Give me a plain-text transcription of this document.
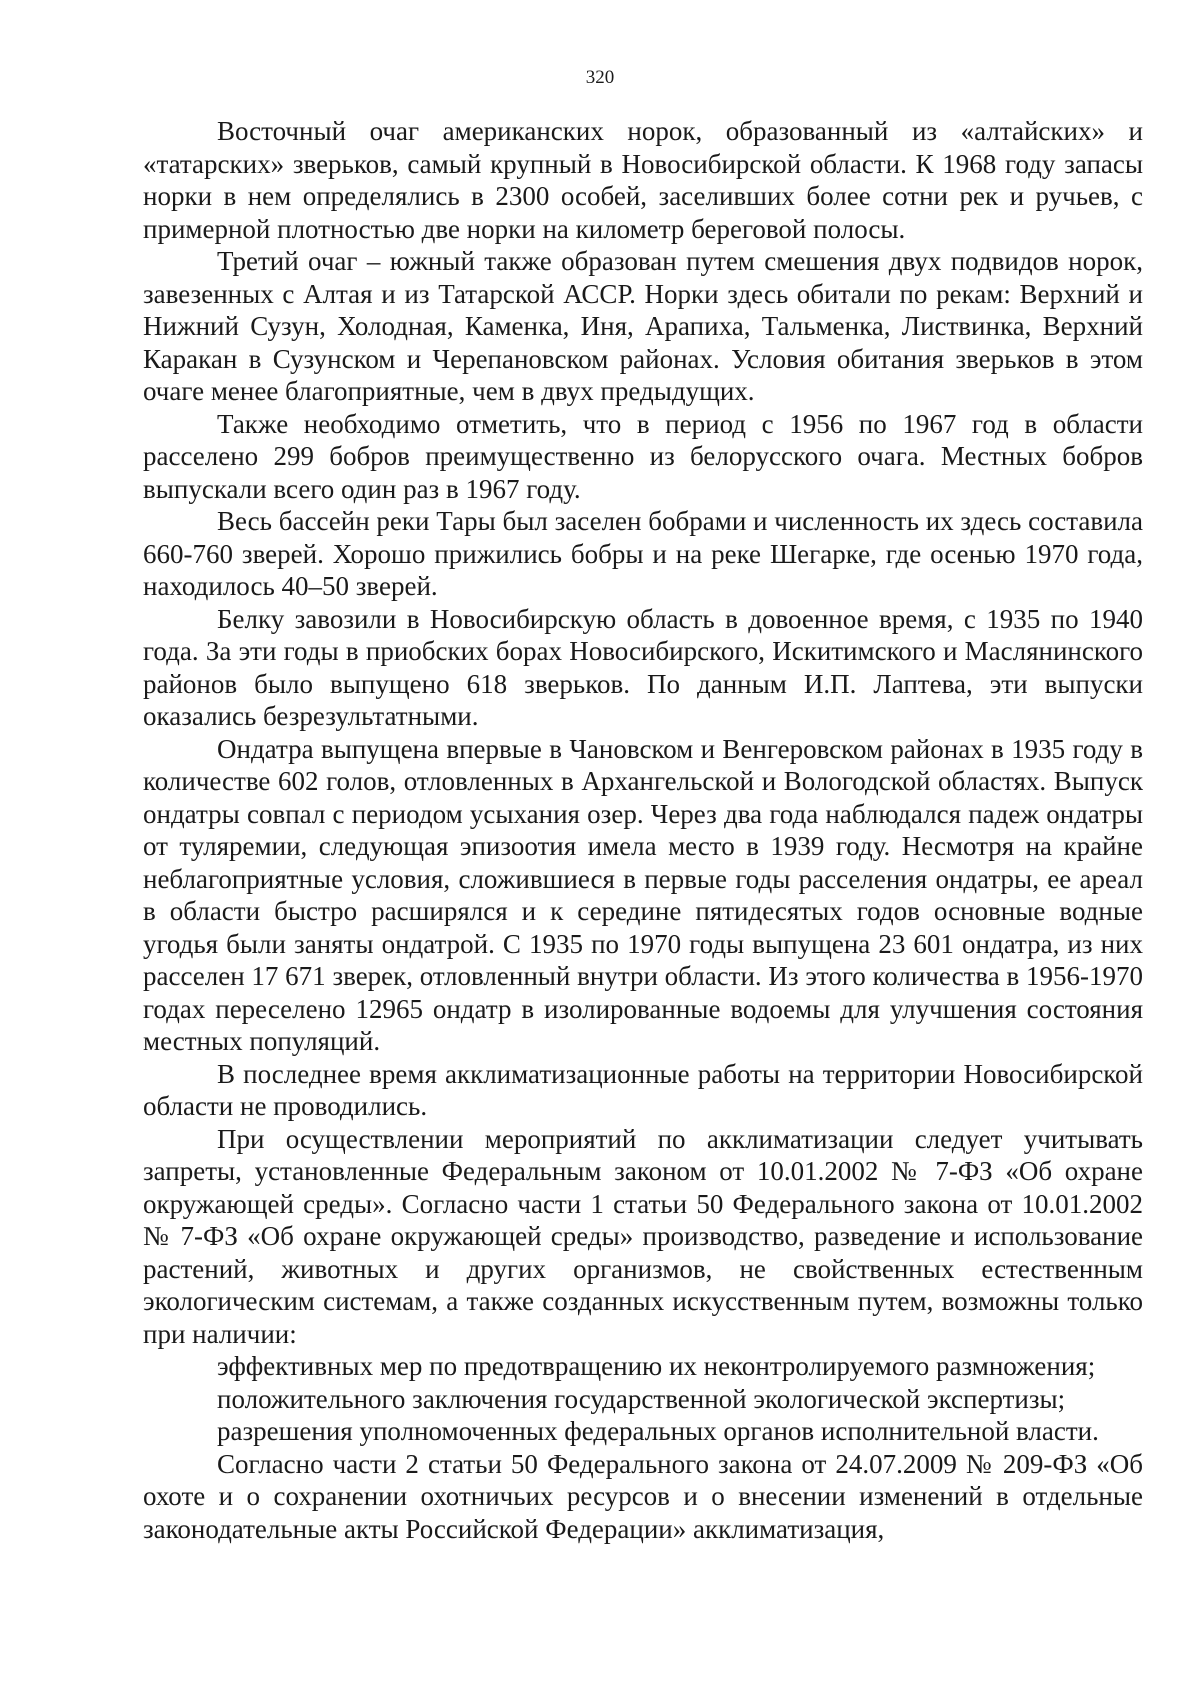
320

Восточный очаг американских норок, образованный из «алтайских» и «татарских» зверьков, самый крупный в Новосибирской области. К 1968 году запасы норки в нем определялись в 2300 особей, заселивших более сотни рек и ручьев, с примерной плотностью две норки на километр береговой полосы.

Третий очаг – южный также образован путем смешения двух подвидов норок, завезенных с Алтая и из Татарской АССР. Норки здесь обитали по рекам: Верхний и Нижний Сузун, Холодная, Каменка, Иня, Арапиха, Тальменка, Листвинка, Верхний Каракан в Сузунском и Черепановском районах. Условия обитания зверьков в этом очаге менее благоприятные, чем в двух предыдущих.

Также необходимо отметить, что в период с 1956 по 1967 год в области расселено 299 бобров преимущественно из белорусского очага. Местных бобров выпускали всего один раз в 1967 году.

Весь бассейн реки Тары был заселен бобрами и численность их здесь составила 660-760 зверей. Хорошо прижились бобры и на реке Шегарке, где осенью 1970 года, находилось 40–50 зверей.

Белку завозили в Новосибирскую область в довоенное время, с 1935 по 1940 года. За эти годы в приобских борах Новосибирского, Искитимского и Маслянинского районов было выпущено 618 зверьков. По данным И.П. Лаптева, эти выпуски оказались безрезультатными.

Ондатра выпущена впервые в Чановском и Венгеровском районах в 1935 году в количестве 602 голов, отловленных в Архангельской и Вологодской областях. Выпуск ондатры совпал с периодом усыхания озер. Через два года наблюдался падеж ондатры от туляремии, следующая эпизоотия имела место в 1939 году. Несмотря на крайне неблагоприятные условия, сложившиеся в первые годы расселения ондатры, ее ареал в области быстро расширялся и к середине пятидесятых годов основные водные угодья были заняты ондатрой. С 1935 по 1970 годы выпущена 23 601 ондатра, из них расселен 17 671 зверек, отловленный внутри области. Из этого количества в 1956-1970 годах переселено 12965 ондатр в изолированные водоемы для улучшения состояния местных популяций.

В последнее время акклиматизационные работы на территории Новосибирской области не проводились.

При осуществлении мероприятий по акклиматизации следует учитывать запреты, установленные Федеральным законом от 10.01.2002 № 7-ФЗ «Об охране окружающей среды». Согласно части 1 статьи 50 Федерального закона от 10.01.2002 № 7-ФЗ «Об охране окружающей среды» производство, разведение и использование растений, животных и других организмов, не свойственных естественным экологическим системам, а также созданных искусственным путем, возможны только при наличии:

эффективных мер по предотвращению их неконтролируемого размножения;

положительного заключения государственной экологической экспертизы;

разрешения уполномоченных федеральных органов исполнительной власти.

Согласно части 2 статьи 50 Федерального закона от 24.07.2009 № 209-ФЗ «Об охоте и о сохранении охотничьих ресурсов и о внесении изменений в отдельные законодательные акты Российской Федерации» акклиматизация,
